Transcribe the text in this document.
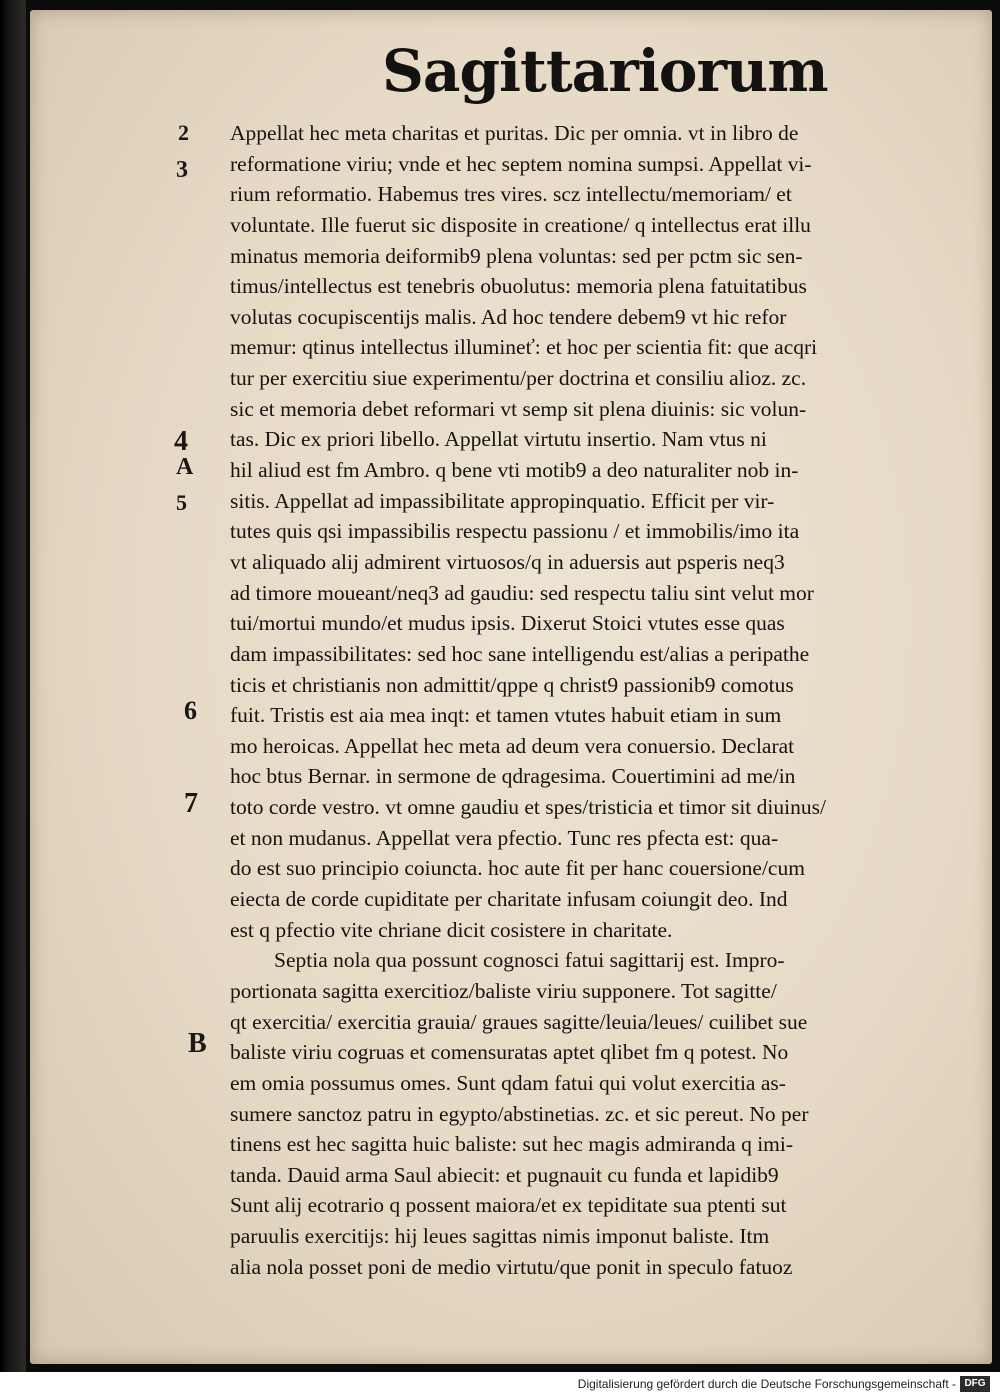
Sagittariorum
2
3
4
A
5
6
7
B
Appellat hec meta charitas et puritas. Dic per omnia. vt in libro de
reformatione viriu; vnde et hec septem nomina sumpsi. Appellat vi-
rium reformatio. Habemus tres vires. scz intellectu/memoriam/ et
voluntate. Ille fuerut sic disposite in creatione/ q intellectus erat illu
minatus memoria deiformib9 plena voluntas: sed per pctm sic sen-
timus/intellectus est tenebris obuolutus: memoria plena fatuitatibus
volutas cocupiscentijs malis. Ad hoc tendere debem9 vt hic refor
memur: qtinus intellectus illumineť: et hoc per scientia fit: que acqri
tur per exercitiu siue experimentu/per doctrina et consiliu alioz. zc.
sic et memoria debet reformari vt semp sit plena diuinis: sic volun-
tas. Dic ex priori libello. Appellat virtutu insertio. Nam vtus ni
hil aliud est fm Ambro. q bene vti motib9 a deo naturaliter nob in-
sitis. Appellat ad impassibilitate appropinquatio. Efficit per vir-
tutes quis qsi impassibilis respectu passionu / et immobilis/imo ita
vt aliquado alij admirent virtuosos/q in aduersis aut psperis neq3
ad timore moueant/neq3 ad gaudiu: sed respectu taliu sint velut mor
tui/mortui mundo/et mudus ipsis. Dixerut Stoici vtutes esse quas
dam impassibilitates: sed hoc sane intelligendu est/alias a peripathe
ticis et christianis non admittit/qppe q christ9 passionib9 comotus
fuit. Tristis est aia mea inqt: et tamen vtutes habuit etiam in sum
mo heroicas. Appellat hec meta ad deum vera conuersio. Declarat
hoc btus Bernar. in sermone de qdragesima. Couertimini ad me/in
toto corde vestro. vt omne gaudiu et spes/tristicia et timor sit diuinus/
et non mudanus. Appellat vera pfectio. Tunc res pfecta est: qua-
do est suo principio coiuncta. hoc aute fit per hanc couersione/cum
eiecta de corde cupiditate per charitate infusam coiungit deo. Ind
est q pfectio vite chriane dicit cosistere in charitate.
Septia nola qua possunt cognosci fatui sagittarij est. Impro-
portionata sagitta exercitioz/baliste viriu supponere. Tot sagitte/
qt exercitia/ exercitia grauia/ graues sagitte/leuia/leues/ cuilibet sue
baliste viriu cogruas et comensuratas aptet qlibet fm q potest. No
em omia possumus omes. Sunt qdam fatui qui volut exercitia as-
sumere sanctoz patru in egypto/abstinetias. zc. et sic pereut. No per
tinens est hec sagitta huic baliste: sut hec magis admiranda q imi-
tanda. Dauid arma Saul abiecit: et pugnauit cu funda et lapidib9
Sunt alij ecotrario q possent maiora/et ex tepiditate sua ptenti sut
paruulis exercitijs: hij leues sagittas nimis imponut baliste. Itm
alia nola posset poni de medio virtutu/que ponit in speculo fatuoz
Digitalisierung gefördert durch die Deutsche Forschungsgemeinschaft - DFG
